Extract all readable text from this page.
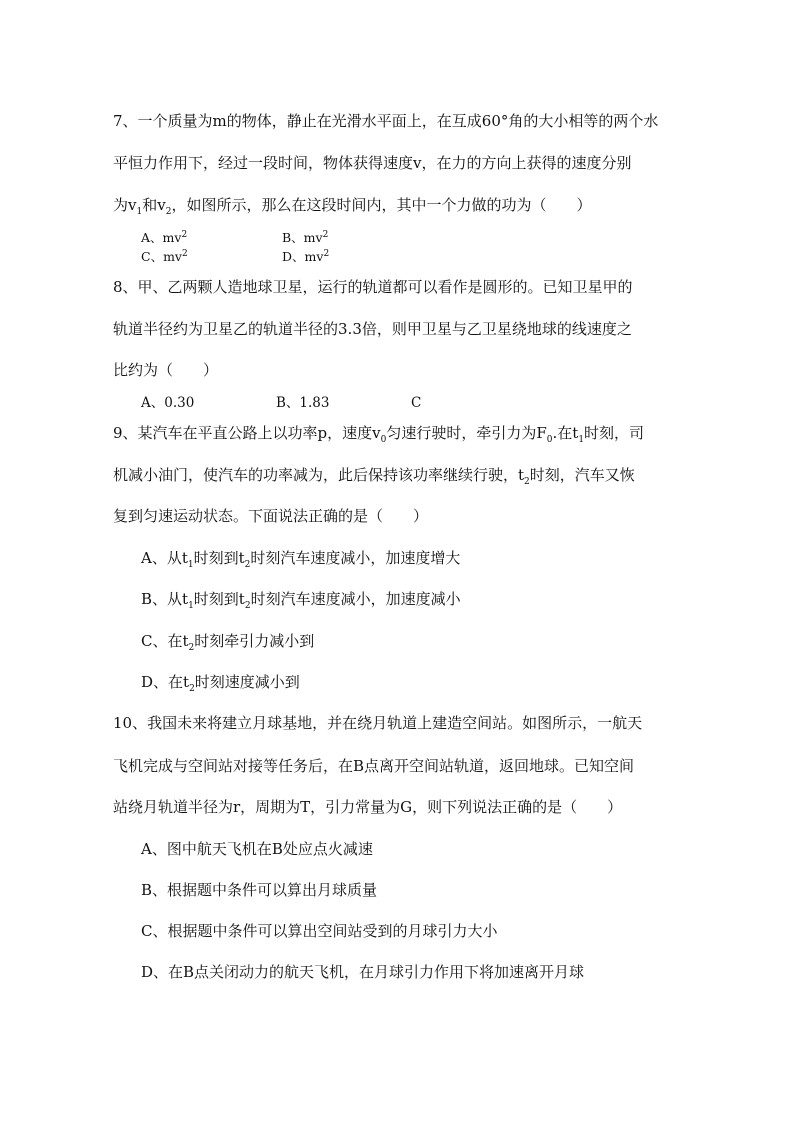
7、一个质量为m的物体，静止在光滑水平面上，在互成60°角的大小相等的两个水
平恒力作用下，经过一段时间，物体获得速度v，在力的方向上获得的速度分别
为$v_1$和$v_2$，如图所示，那么在这段时间内，其中一个力做的功为（　　）
A、$mv^2$	B、$mv^2$
C、$mv^2$	D、$mv^2$
8、甲、乙两颗人造地球卫星，运行的轨道都可以看作是圆形的。已知卫星甲的
轨道半径约为卫星乙的轨道半径的3.3倍，则甲卫星与乙卫星绕地球的线速度之
比约为（　　）
A、0.30	B、1.83	C
9、某汽车在平直公路上以功率p，速度$v_0$匀速行驶时，牵引力为$F_0$.在$t_1$时刻，司
机减小油门，使汽车的功率减为，此后保持该功率继续行驶，$t_2$时刻，汽车又恢
复到匀速运动状态。下面说法正确的是（　　）
A、从$t_1$时刻到$t_2$时刻汽车速度减小，加速度增大
B、从$t_1$时刻到$t_2$时刻汽车速度减小，加速度减小
C、在$t_2$时刻牵引力减小到
D、在$t_2$时刻速度减小到
10、我国未来将建立月球基地，并在绕月轨道上建造空间站。如图所示，一航天
飞机完成与空间站对接等任务后，在B点离开空间站轨道，返回地球。已知空间
站绕月轨道半径为r，周期为T，引力常量为G，则下列说法正确的是（　　）
A、图中航天飞机在B处应点火减速
B、根据题中条件可以算出月球质量
C、根据题中条件可以算出空间站受到的月球引力大小
D、在B点关闭动力的航天飞机，在月球引力作用下将加速离开月球
